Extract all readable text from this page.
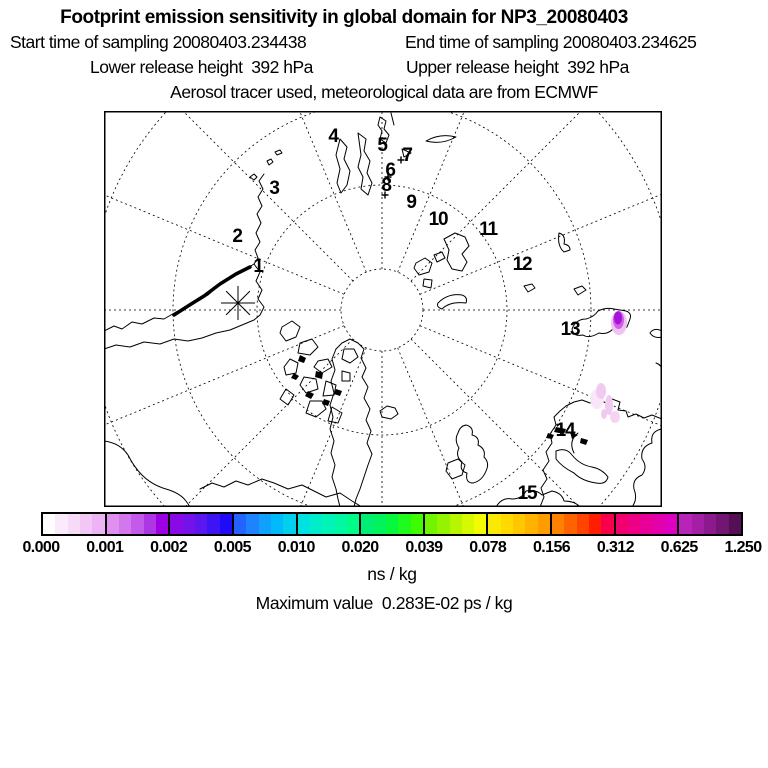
Footprint emission sensitivity in global domain for NP3_20080403
Start time of sampling 20080403.234438	End time of sampling 20080403.234625
Lower release height  392 hPa	Upper release height  392 hPa
Aerosol tracer used, meteorological data are from ECMWF
1
2
3
4 5
6
7
8
9
10 11
12
13
14
15
0.000 0.001 0.002 0.005 0.010 0.020 0.039 0.078 0.156 0.312 0.625 1.250
ns / kg
Maximum value  0.283E-02 ps / kg
